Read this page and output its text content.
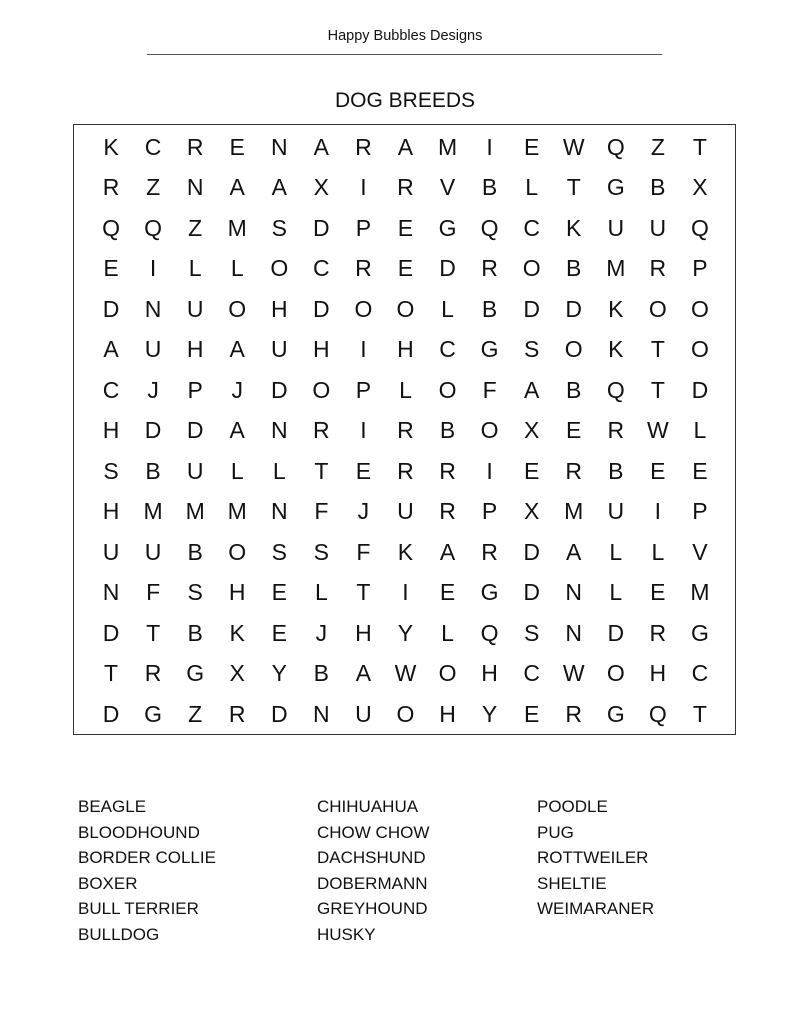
Happy Bubbles Designs
DOG BREEDS
K	C	R	E	N	A	R	A	M	I	E	W Q	Z	T
R	Z	N	A	A	X	I	R	V	B	L	T	G	B	X
Q	Q	Z	M	S	D	P	E	G	Q	C	K	U	U	Q
E	I	L	L	O	C	R	E	D	R	O	B	M	R	P
D	N	U	O	H	D	O	O	L	B	D	D	K	O	O
A	U	H	A	U	H	I	H	C	G	S	O	K	T	O
C	J	P	J	D	O	P	L	O	F	A	B	Q	T	D
H	D	D	A	N	R	I	R	B	O	X	E	R W	L
S	B	U	L	L	T	E	R	R	I	E	R	B	E	E
H	M M M	N	F	J	U	R	P	X	M	U	I	P
U	U	B	O	S	S	F	K	A	R	D	A	L	L	V
N	F	S	H	E	L	T	I	E	G	D	N	L	E	M
D	T	B	K	E	J	H	Y	L	Q	S	N	D	R	G
T	R	G	X	Y	B	A	W O	H	C W O	H	C
D	G	Z	R	D	N	U	O	H	Y	E	R	G	Q	T
BEAGLE
BLOODHOUND
BORDER COLLIE
BOXER
BULL TERRIER
BULLDOG
CHIHUAHUA
CHOW CHOW
DACHSHUND
DOBERMANN
GREYHOUND
HUSKY
POODLE
PUG
ROTTWEILER
SHELTIE
WEIMARANER
